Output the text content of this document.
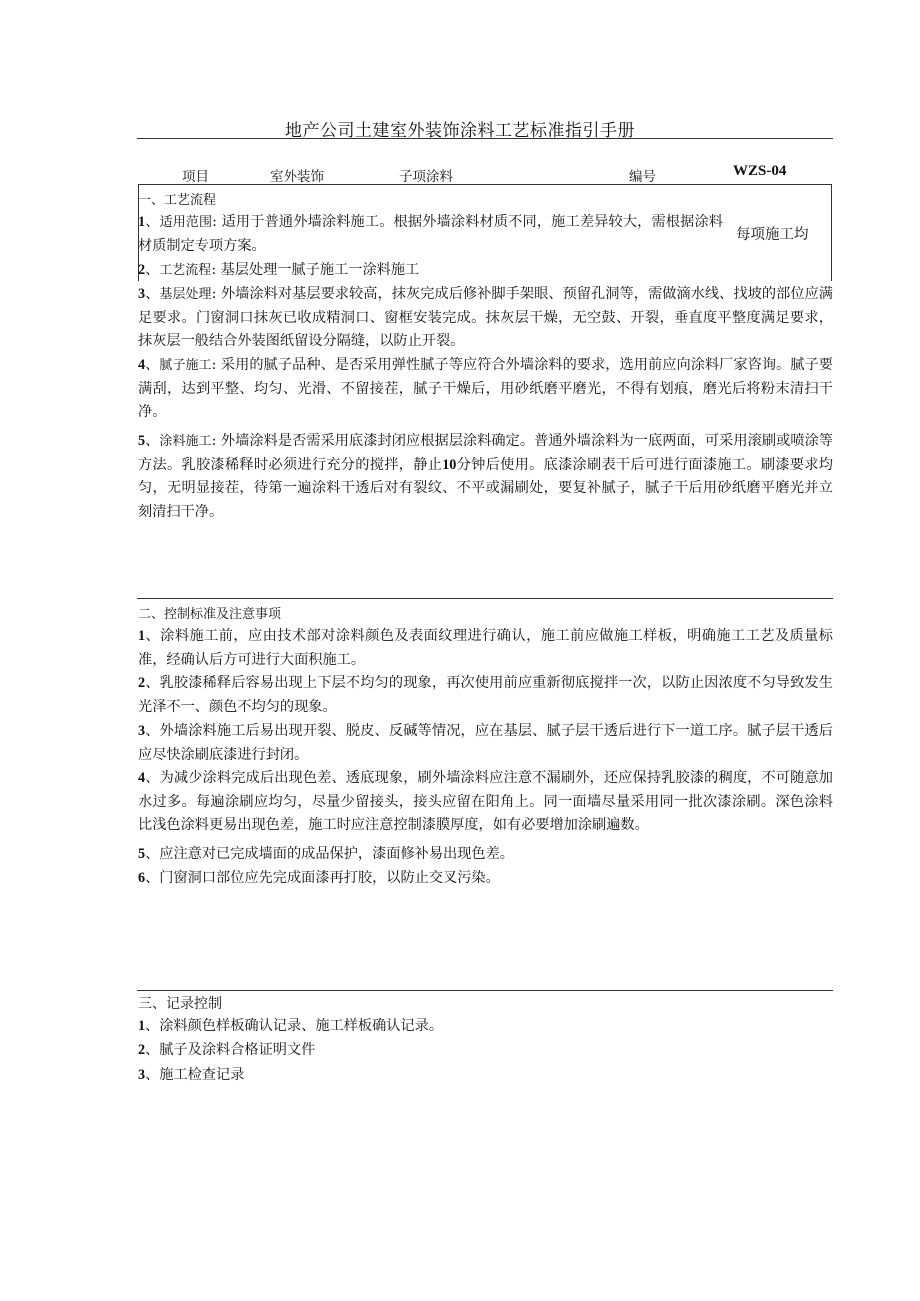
地产公司土建室外装饰涂料工艺标准指引手册
项目	室外装饰	子项涂料	编号	WZS-04
一、工艺流程
每项施工均

1、适用范围: 适用于普通外墙涂料施工。根据外墙涂料材质不同，施工差异较大，需根据涂料材质制定专项方案。

2、工艺流程: 基层处理一腻子施工一涂料施工

3、基层处理: 外墙涂料对基层要求较高，抹灰完成后修补脚手架眼、预留孔洞等，需做滴水线、找坡的部位应满足要求。门窗洞口抹灰已收成精洞口、窗框安装完成。抹灰层干燥，无空鼓、开裂，垂直度平整度满足要求，抹灰层一般结合外装图纸留设分隔缝，以防止开裂。

4、腻子施工: 采用的腻子品种、是否采用弹性腻子等应符合外墙涂料的要求，选用前应向涂料厂家咨询。腻子要满刮，达到平整、均匀、光滑、不留接茬，腻子干燥后，用砂纸磨平磨光，不得有划痕，磨光后将粉末清扫干净。

5、涂料施工: 外墙涂料是否需采用底漆封闭应根据层涂料确定。普通外墙涂料为一底两面，可采用滚刷或喷涂等方法。乳胶漆稀释时必须进行充分的搅拌，静止10分钟后使用。底漆涂刷表干后可进行面漆施工。刷漆要求均匀，无明显接茬，待第一遍涂料干透后对有裂纹、不平或漏刷处，要复补腻子，腻子干后用砂纸磨平磨光并立刻清扫干净。

二、控制标准及注意事项

1、涂料施工前，应由技术部对涂料颜色及表面纹理进行确认，施工前应做施工样板，明确施工工艺及质量标准，经确认后方可进行大面积施工。

2、乳胶漆稀释后容易出现上下层不均匀的现象，再次使用前应重新彻底搅拌一次，以防止因浓度不匀导致发生光泽不一、颜色不均匀的现象。

3、外墙涂料施工后易出现开裂、脱皮、反碱等情况，应在基层、腻子层干透后进行下一道工序。腻子层干透后应尽快涂刷底漆进行封闭。

4、为减少涂料完成后出现色差、透底现象，刷外墙涂料应注意不漏刷外，还应保持乳胶漆的稠度，不可随意加水过多。每遍涂刷应均匀，尽量少留接头，接头应留在阳角上。同一面墙尽量采用同一批次漆涂刷。深色涂料比浅色涂料更易出现色差，施工时应注意控制漆膜厚度，如有必要增加涂刷遍数。

5、应注意对已完成墙面的成品保护，漆面修补易出现色差。

6、门窗洞口部位应先完成面漆再打胶，以防止交叉污染。

三、记录控制

1、涂料颜色样板确认记录、施工样板确认记录。

2、腻子及涂料合格证明文件

3、施工检查记录
